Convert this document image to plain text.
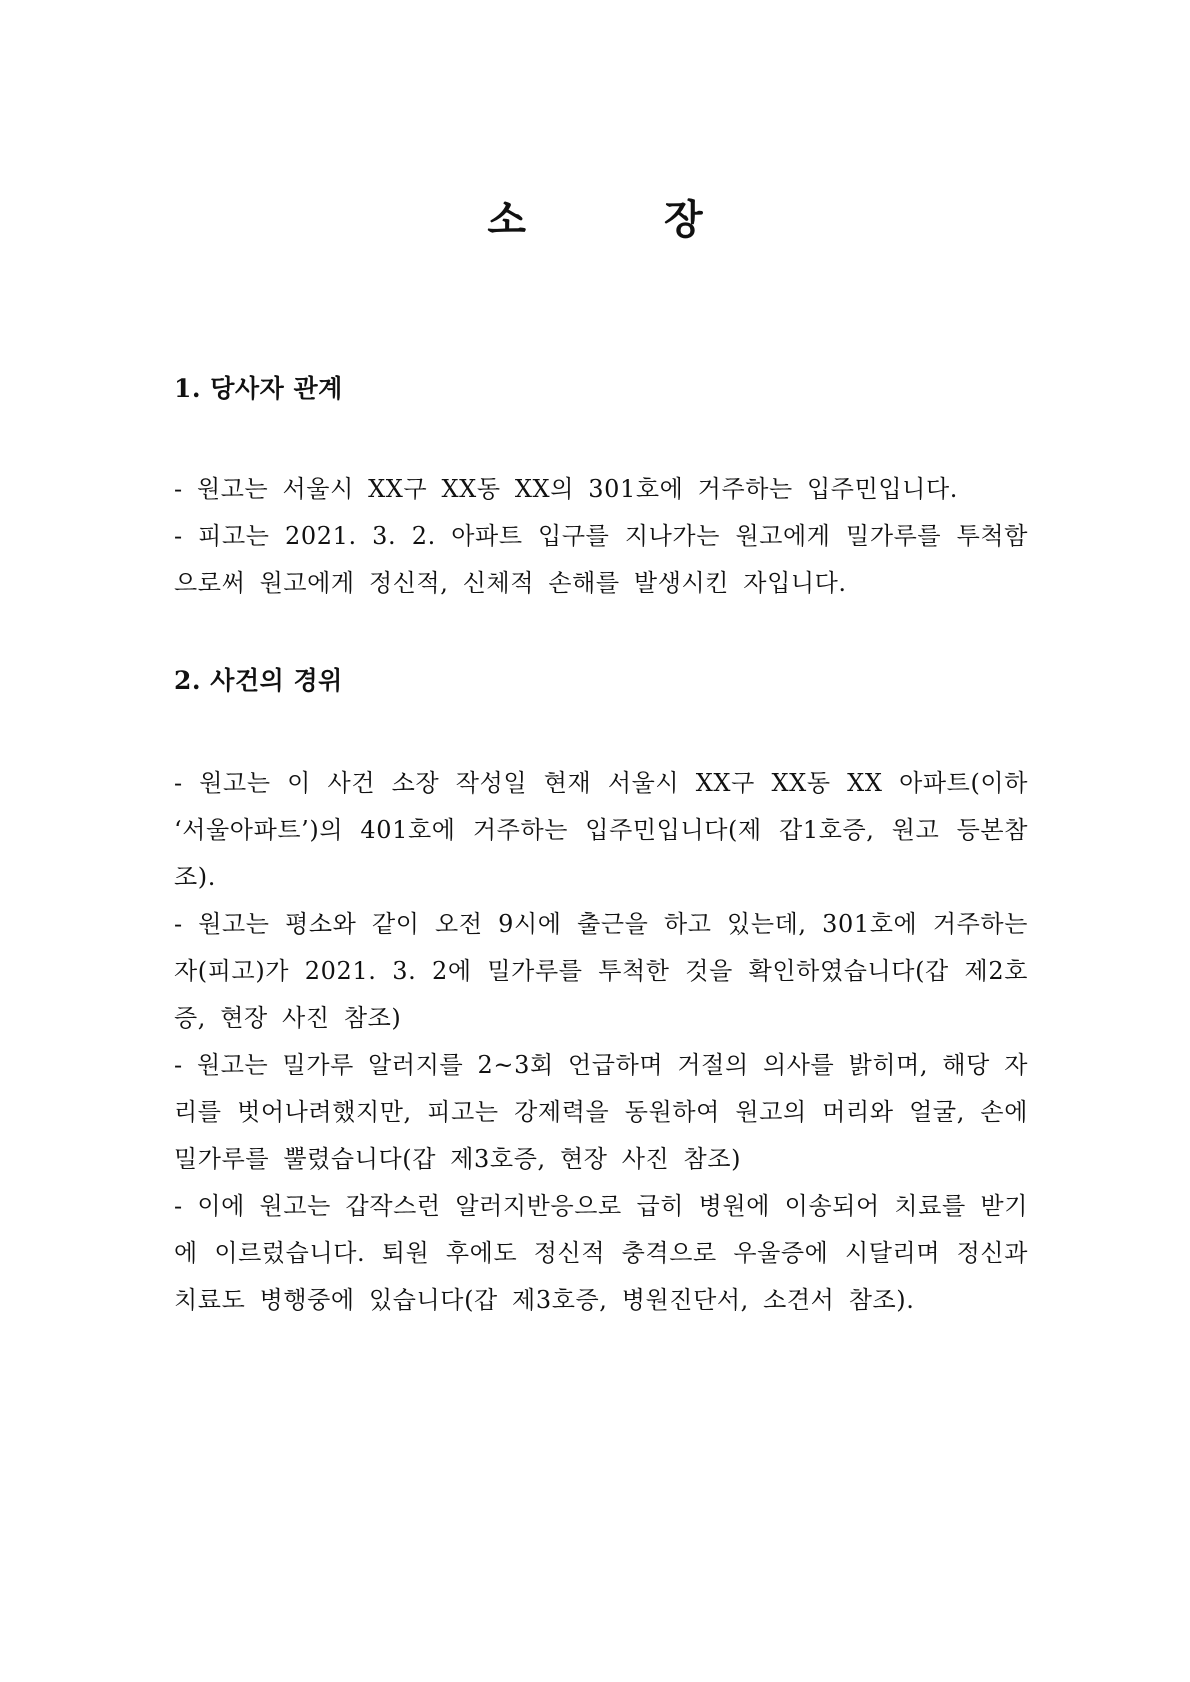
소 장
1. 당사자 관계

- 원고는 서울시 XX구 XX동 XX의 301호에 거주하는 입주민입니다.

- 피고는 2021. 3. 2. 아파트 입구를 지나가는 원고에게 밀가루를 투척함으로써 원고에게 정신적, 신체적 손해를 발생시킨 자입니다.

2. 사건의 경위

- 원고는 이 사건 소장 작성일 현재 서울시 XX구 XX동 XX 아파트(이하 ‘서울아파트’)의 401호에 거주하는 입주민입니다(제 갑1호증, 원고 등본참조).

- 원고는 평소와 같이 오전 9시에 출근을 하고 있는데, 301호에 거주하는 자(피고)가 2021. 3. 2에 밀가루를 투척한 것을 확인하였습니다(갑 제2호증, 현장 사진 참조)

- 원고는 밀가루 알러지를 2~3회 언급하며 거절의 의사를 밝히며, 해당 자리를 벗어나려했지만, 피고는 강제력을 동원하여 원고의 머리와 얼굴, 손에 밀가루를 뿔렸습니다(갑 제3호증, 현장 사진 참조)

- 이에 원고는 갑작스런 알러지반응으로 급히 병원에 이송되어 치료를 받기에 이르렀습니다. 퇴원 후에도 정신적 충격으로 우울증에 시달리며 정신과 치료도 병행중에 있습니다(갑 제3호증, 병원진단서, 소견서 참조).
